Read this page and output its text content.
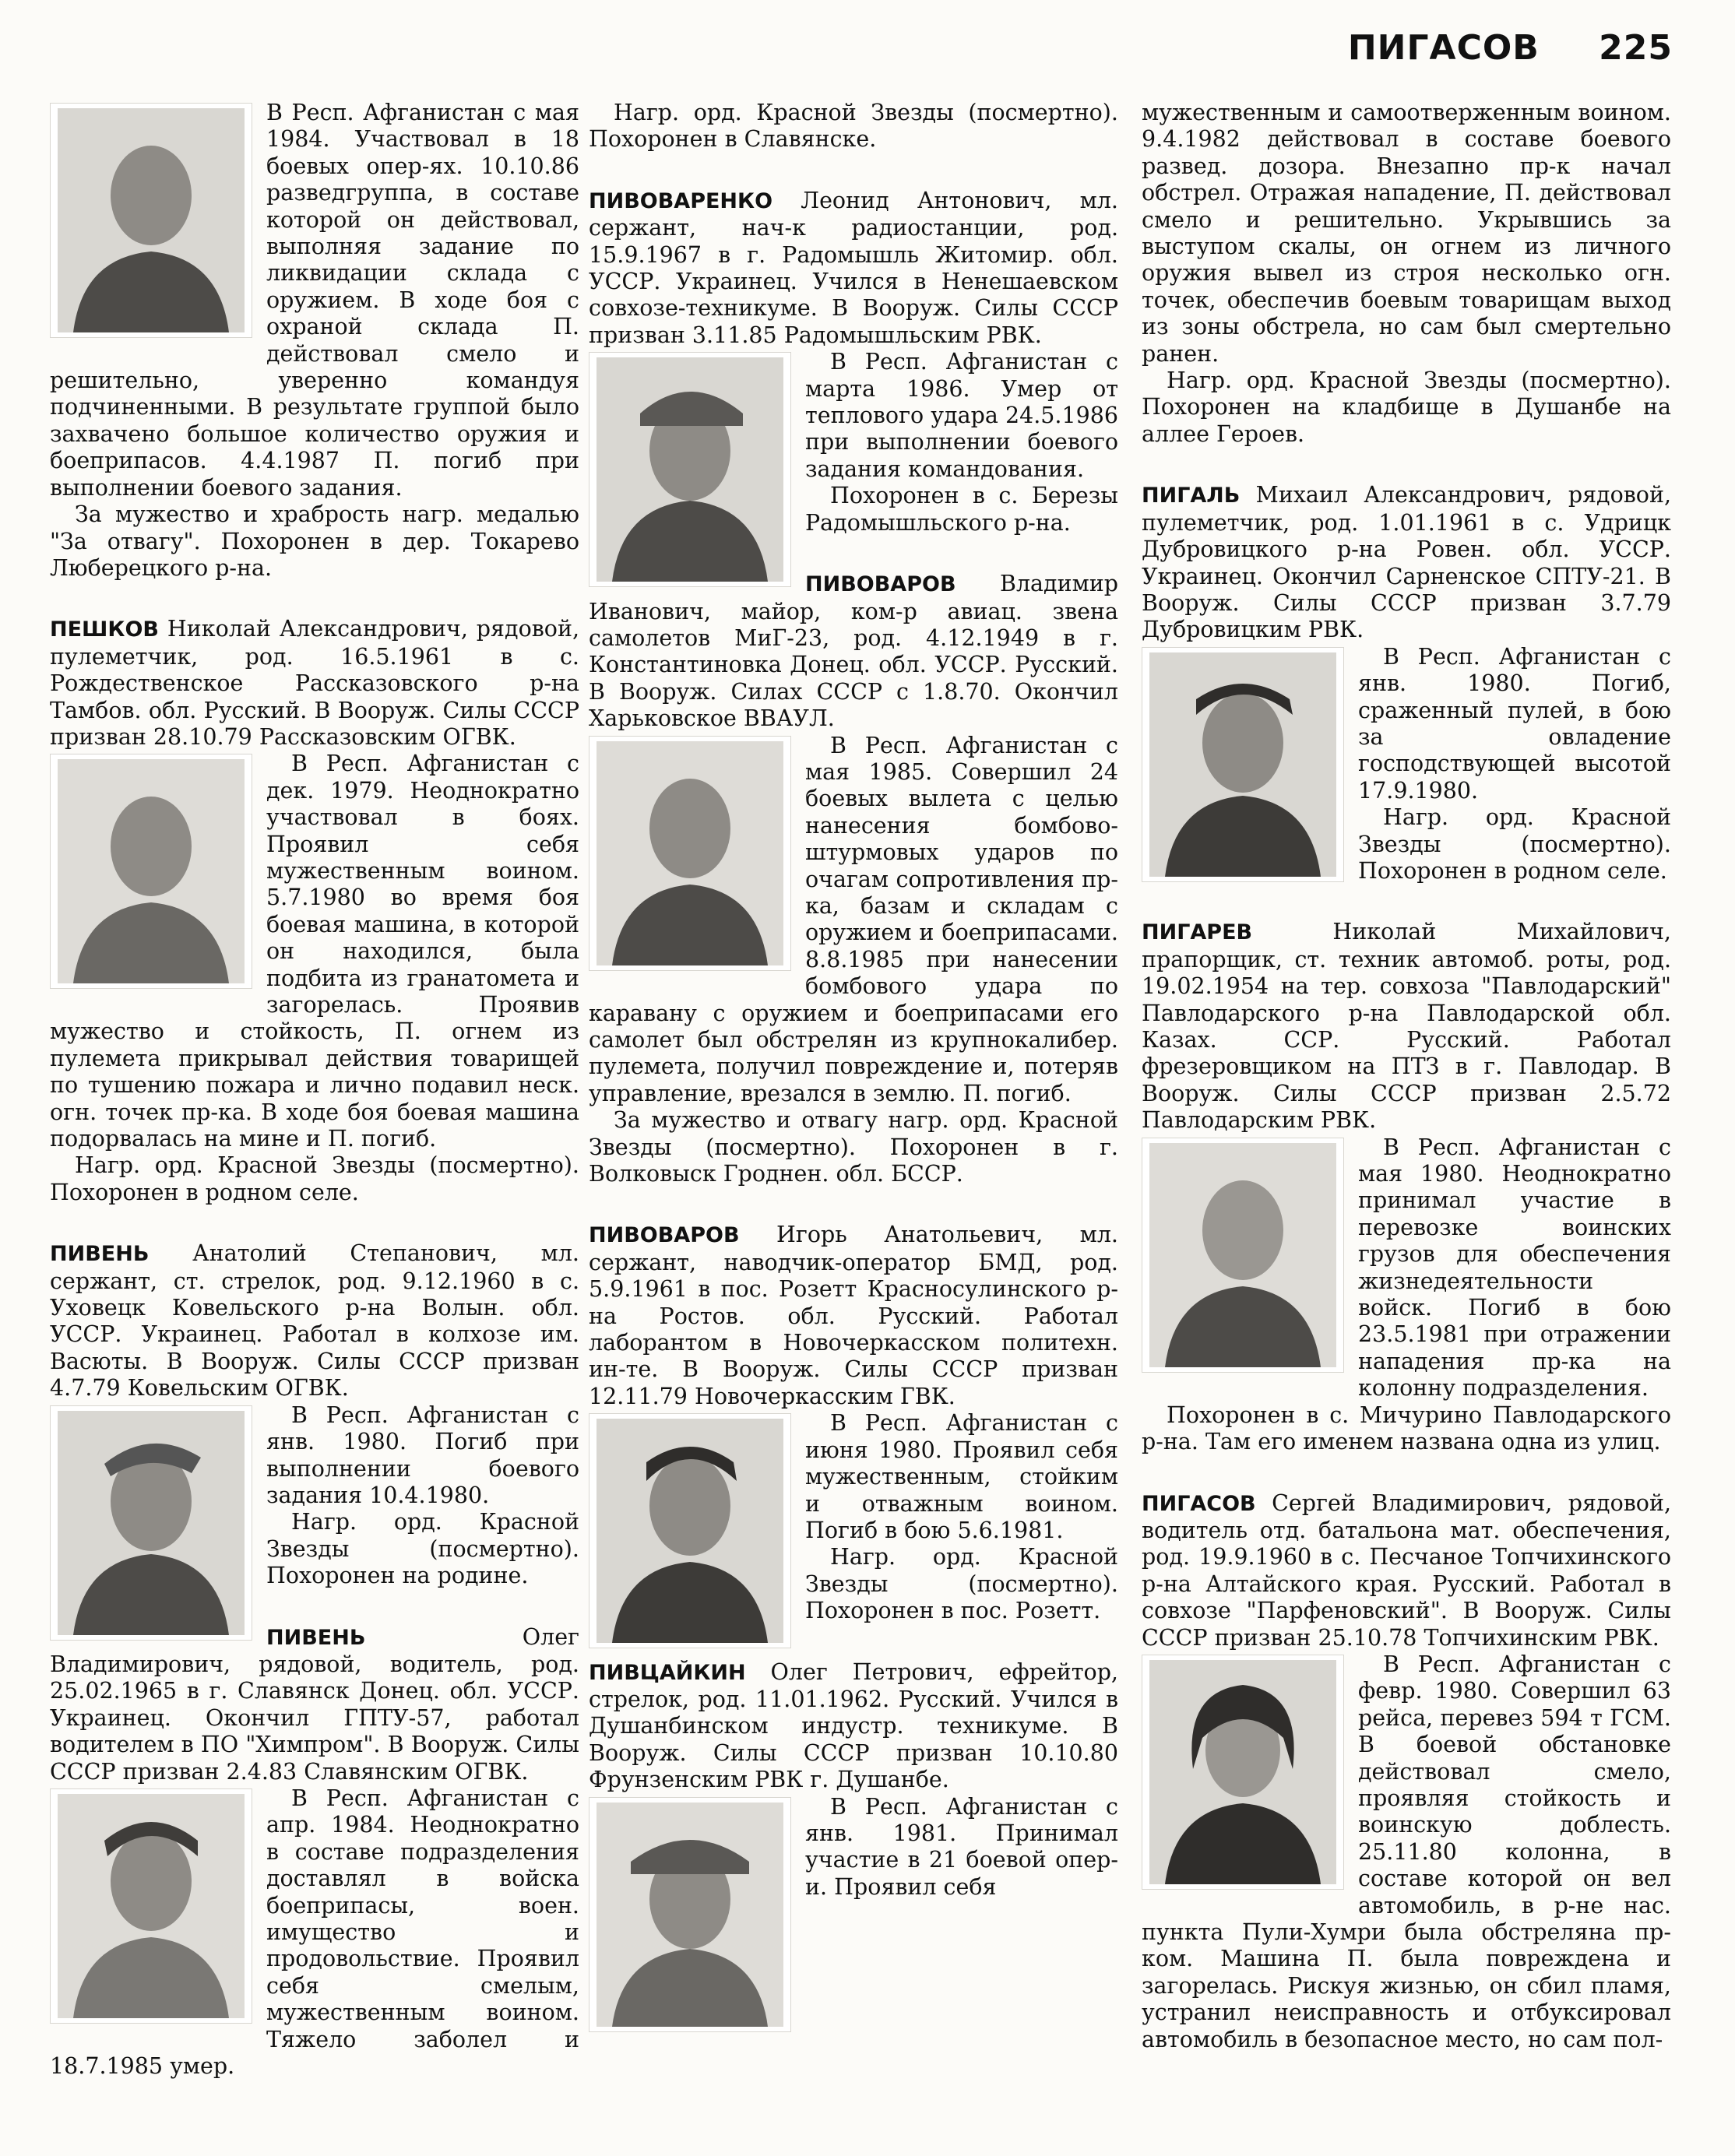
ПИГАСОВ 225

В Респ. Афганистан с мая 1984. Участвовал в 18 боевых опер-ях. 10.10.86 разведгруппа, в составе которой он действовал, выполняя задание по ликвидации склада с оружием. В ходе боя с охраной склада П. действовал смело и решительно, уверенно командуя подчиненными. В результате группой было захвачено большое количество оружия и боеприпасов. 4.4.1987 П. погиб при выполнении боевого задания.

За мужество и храбрость нагр. медалью "За отвагу". Похоронен в дер. Токарево Люберецкого р-на.

ПЕШКОВ Николай Александрович, рядовой, пулеметчик, род. 16.5.1961 в с. Рождественское Рассказовского р-на Тамбов. обл. Русский. В Вооруж. Силы СССР призван 28.10.79 Рассказовским ОГВК.

В Респ. Афганистан с дек. 1979. Неоднократно участвовал в боях. Проявил себя мужественным воином. 5.7.1980 во время боя боевая машина, в которой он находился, была подбита из гранатомета и загорелась. Проявив мужество и стойкость, П. огнем из пулемета прикрывал действия товарищей по тушению пожара и лично подавил неск. огн. точек пр-ка. В ходе боя боевая машина подорвалась на мине и П. погиб.

Нагр. орд. Красной Звезды (посмертно). Похоронен в родном селе.

ПИВЕНЬ Анатолий Степанович, мл. сержант, ст. стрелок, род. 9.12.1960 в с. Уховецк Ковельского р-на Волын. обл. УССР. Украинец. Работал в колхозе им. Васюты. В Вооруж. Силы СССР призван 4.7.79 Ковельским ОГВК.

В Респ. Афганистан с янв. 1980. Погиб при выполнении боевого задания 10.4.1980.

Нагр. орд. Красной Звезды (посмертно). Похоронен на родине.

ПИВЕНЬ	Олег Владимирович, рядовой, водитель, род. 25.02.1965 в г. Славянск Донец. обл. УССР. Украинец. Окончил ГПТУ-57, работал водителем в ПО "Химпром". В Вооруж. Силы СССР призван 2.4.83 Славянским ОГВК.

В Респ. Афганистан с апр. 1984. Неоднократно в составе подразделения доставлял в войска боеприпасы, воен. имущество и продовольствие. Проявил себя смелым, мужественным воином. Тяжело заболел и 18.7.1985 умер.

Нагр. орд. Красной Звезды (посмертно). Похоронен в Славянске.

ПИВОВАРЕНКО Леонид Антонович, мл. сержант, нач-к радиостанции, род. 15.9.1967 в г. Радомышль Житомир. обл. УССР. Украинец. Учился в Ненешаевском совхозе-техникуме. В Вооруж. Силы СССР призван 3.11.85 Радомышльским РВК.

В Респ. Афганистан с марта 1986. Умер от теплового удара 24.5.1986 при выполнении боевого задания командования.

Похоронен в с. Березы Радомышльского р-на.

ПИВОВАРОВ Владимир Иванович, майор, ком-р авиац. звена самолетов МиГ-23, род. 4.12.1949 в г. Константиновка Донец. обл. УССР. Русский. В Вооруж. Силах СССР с 1.8.70. Окончил Харьковское ВВАУЛ.

В Респ. Афганистан с мая 1985. Совершил 24 боевых вылета с целью нанесения бомбово-штурмовых ударов по очагам сопротивления пр-ка, базам и складам с оружием и боеприпасами. 8.8.1985 при нанесении бомбового удара по каравану с оружием и боеприпасами его самолет был обстрелян из крупнокалибер. пулемета, получил повреждение и, потеряв управление, врезался в землю. П. погиб.

За мужество и отвагу нагр. орд. Красной Звезды (посмертно). Похоронен в г. Волковыск Гроднен. обл. БССР.

ПИВОВАРОВ Игорь Анатольевич, мл. сержант, наводчик-оператор БМД, род. 5.9.1961 в пос. Розетт Красносулинского р-на Ростов. обл. Русский. Работал лаборантом в Новочеркасском политехн. ин-те. В Вооруж. Силы СССР призван 12.11.79 Новочеркасским ГВК.

В Респ. Афганистан с июня 1980. Проявил себя мужественным, стойким и отважным воином. Погиб в бою 5.6.1981.

Нагр. орд. Красной Звезды (посмертно). Похоронен в пос. Розетт.

ПИВЦАЙКИН Олег Петрович, ефрейтор, стрелок, род. 11.01.1962. Русский. Учился в Душанбинском индустр. техникуме. В Вооруж. Силы СССР призван 10.10.80 Фрунзенским РВК г. Душанбе.

В Респ. Афганистан с янв. 1981. Принимал участие в 21 боевой опер-и. Проявил себя

мужественным и самоотверженным воином. 9.4.1982 действовал в составе боевого развед. дозора. Внезапно пр-к начал обстрел. Отражая нападение, П. действовал смело и решительно. Укрывшись за выступом скалы, он огнем из личного оружия вывел из строя несколько огн. точек, обеспечив боевым товарищам выход из зоны обстрела, но сам был смертельно ранен.

Нагр. орд. Красной Звезды (посмертно). Похоронен на кладбище в Душанбе на аллее Героев.

ПИГАЛЬ Михаил Александрович, рядовой, пулеметчик, род. 1.01.1961 в с. Удрицк Дубровицкого р-на Ровен. обл. УССР. Украинец. Окончил Сарненское СПТУ-21. В Вооруж. Силы СССР призван 3.7.79 Дубровицким РВК.

В Респ. Афганистан с янв. 1980. Погиб, сраженный пулей, в бою за овладение господствующей высотой 17.9.1980.

Нагр. орд. Красной Звезды (посмертно). Похоронен в родном селе.

ПИГАРЕВ	Николай Михайлович, прапорщик, ст. техник автомоб. роты, род. 19.02.1954 на тер. совхоза "Павлодарский" Павлодарского р-на Павлодарской обл. Казах. ССР. Русский. Работал фрезеровщиком на ПТЗ в г. Павлодар. В Вооруж. Силы СССР призван 2.5.72 Павлодарским РВК.

В Респ. Афганистан с мая 1980. Неоднократно принимал участие в перевозке воинских грузов для обеспечения жизнедеятельности войск. Погиб в бою 23.5.1981 при отражении нападения пр-ка на колонну подразделения.

Похоронен в с. Мичурино Павлодарского р-на. Там его именем названа одна из улиц.

ПИГАСОВ Сергей Владимирович, рядовой, водитель отд. батальона мат. обеспечения, род. 19.9.1960 в с. Песчаное Топчихинского р-на Алтайского края. Русский. Работал в совхозе "Парфеновский". В Вооруж. Силы СССР призван 25.10.78 Топчихинским РВК.

В Респ. Афганистан с февр. 1980. Совершил 63 рейса, перевез 594 т ГСМ. В боевой обстановке действовал смело, проявляя стойкость и воинскую доблесть. 25.11.80 колонна, в составе которой он вел автомобиль, в р-не нас. пункта Пули-Хумри была обстреляна пр-ком. Машина П. была повреждена и загорелась. Рискуя жизнью, он сбил пламя, устранил неисправность и отбуксировал автомобиль в безопасное место, но сам пол-
